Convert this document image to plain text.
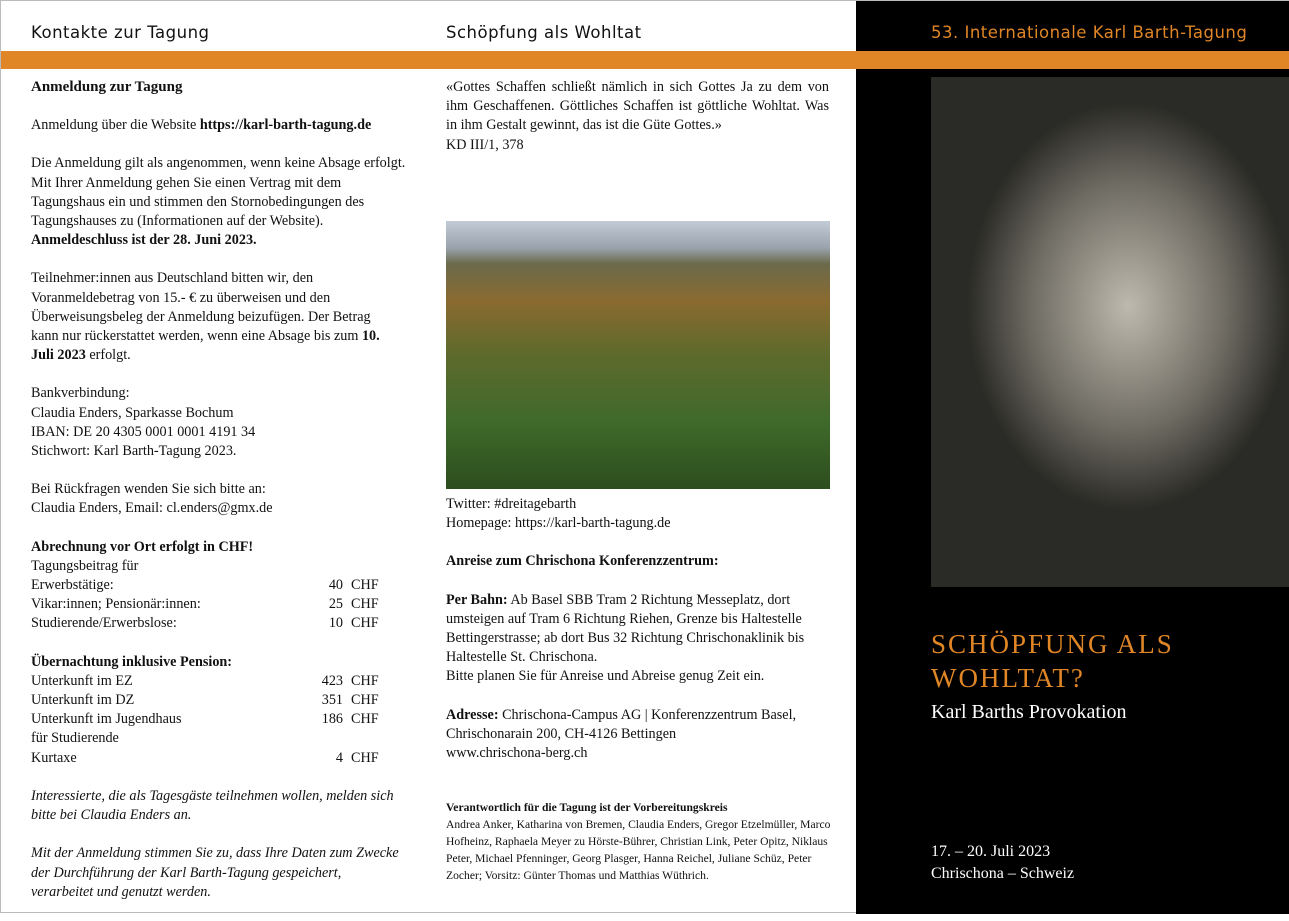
53. Internationale Karl Barth-Tagung
Kontakte zur Tagung	Schöpfung als Wohltat

Anmeldung zur Tagung

Anmeldung über die Website https://karl-barth-tagung.de

Die Anmeldung gilt als angenommen, wenn keine Absage erfolgt. Mit Ihrer Anmeldung gehen Sie einen Vertrag mit dem Tagungshaus ein und stimmen den Stornobedingungen des Tagungshauses zu (Informationen auf der Website).
Anmeldeschluss ist der 28. Juni 2023.

Teilnehmer:innen aus Deutschland bitten wir, den Voranmeldebetrag von 15.- € zu überweisen und den Überweisungsbeleg der Anmeldung beizufügen. Der Betrag kann nur rückerstattet werden, wenn eine Absage bis zum 10. Juli 2023 erfolgt.

Bankverbindung:
Claudia Enders, Sparkasse Bochum
IBAN: DE 20 4305 0001 0001 4191 34
Stichwort: Karl Barth-Tagung 2023.

Bei Rückfragen wenden Sie sich bitte an:
Claudia Enders, Email: cl.enders@gmx.de

Abrechnung vor Ort erfolgt in CHF!
Tagungsbeitrag für
Erwerbstätige:	40 CHF
Vikar:innen; Pensionär:innen:	25 CHF
Studierende/Erwerbslose:	10 CHF
Übernachtung inklusive Pension:
Unterkunft im EZ	423 CHF
Unterkunft im DZ	351 CHF
Unterkunft im Jugendhaus	186 CHF
für Studierende
Kurtaxe	4 CHF

Interessierte, die als Tagesgäste teilnehmen wollen, melden sich bitte bei Claudia Enders an.

Mit der Anmeldung stimmen Sie zu, dass Ihre Daten zum Zwecke der Durchführung der Karl Barth-Tagung gespeichert, verarbeitet und genutzt werden.

«Gottes Schaffen schließt nämlich in sich Gottes Ja zu dem von ihm Geschaffenen. Göttliches Schaffen ist göttliche Wohltat. Was in ihm Gestalt gewinnt, das ist die Güte Gottes.»
KD III/1, 378
Twitter: #dreitagebarth

Homepage: https://karl-barth-tagung.de

Anreise zum Chrischona Konferenzzentrum:

Per Bahn: Ab Basel SBB Tram 2 Richtung Messeplatz, dort umsteigen auf Tram 6 Richtung Riehen, Grenze bis Haltestelle Bettingerstrasse; ab dort Bus 32 Richtung Chrischonaklinik bis Haltestelle St. Chrischona.
Bitte planen Sie für Anreise und Abreise genug Zeit ein.

Adresse: Chrischona-Campus AG | Konferenzzentrum Basel, Chrischonarain 200, CH-4126 Bettingen
www.chrischona-berg.ch

Verantwortlich für die Tagung ist der Vorbereitungskreis
Andrea Anker, Katharina von Bremen, Claudia Enders, Gregor Etzelmüller, Marco Hofheinz, Raphaela Meyer zu Hörste-Bührer, Christian Link, Peter Opitz, Niklaus Peter, Michael Pfenninger, Georg Plasger, Hanna Reichel, Juliane Schüz, Peter Zocher; Vorsitz: Günter Thomas und Matthias Wüthrich.
SCHÖPFUNG ALS
WOHLTAT?
Karl Barths Provokation
17. – 20. Juli 2023
Chrischona – Schweiz
